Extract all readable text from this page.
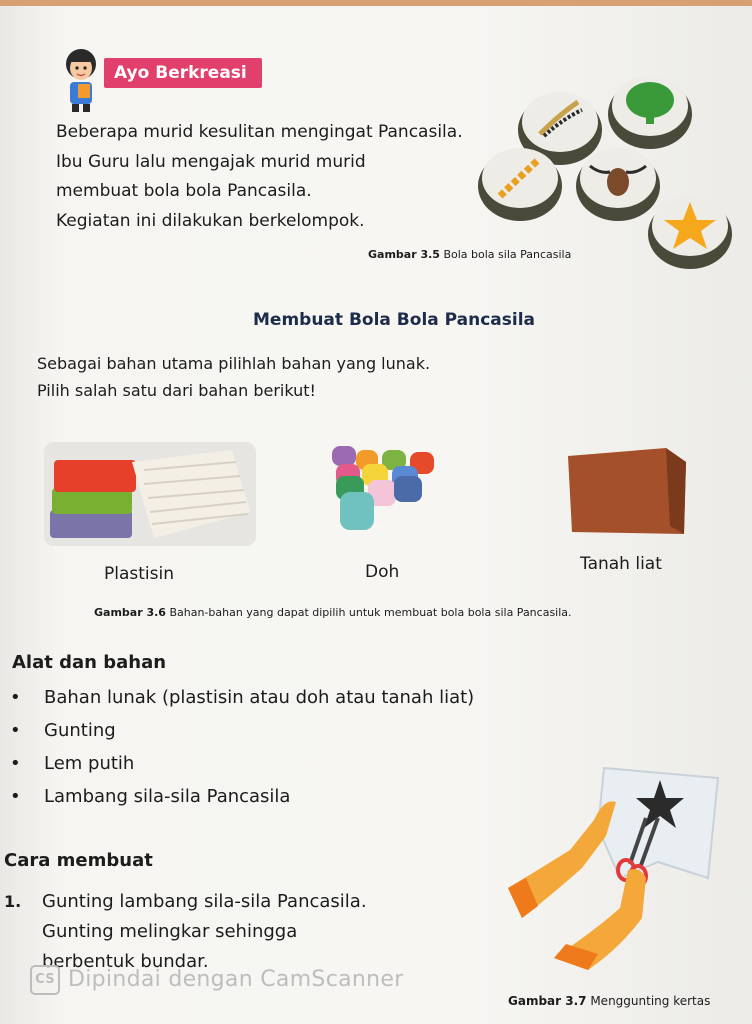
Ayo Berkreasi
Beberapa murid kesulitan mengingat Pancasila.
Ibu Guru lalu mengajak murid murid
membuat bola bola Pancasila.
Kegiatan ini dilakukan berkelompok.
Gambar 3.5 Bola bola sila Pancasila
Membuat Bola Bola Pancasila
Sebagai bahan utama pilihlah bahan yang lunak.
Pilih salah satu dari bahan berikut!
Plastisin	Doh	Tanah liat
Gambar 3.6 Bahan-bahan yang dapat dipilih untuk membuat bola bola sila Pancasila.
Alat dan bahan
• Bahan lunak (plastisin atau doh atau tanah liat)
• Gunting
• Lem putih
• Lambang sila-sila Pancasila
Cara membuat
1. Gunting lambang sila-sila Pancasila.
Gunting melingkar sehingga
berbentuk bundar.
Gambar 3.7 Menggunting kertas
CS Dipindai dengan CamScanner
